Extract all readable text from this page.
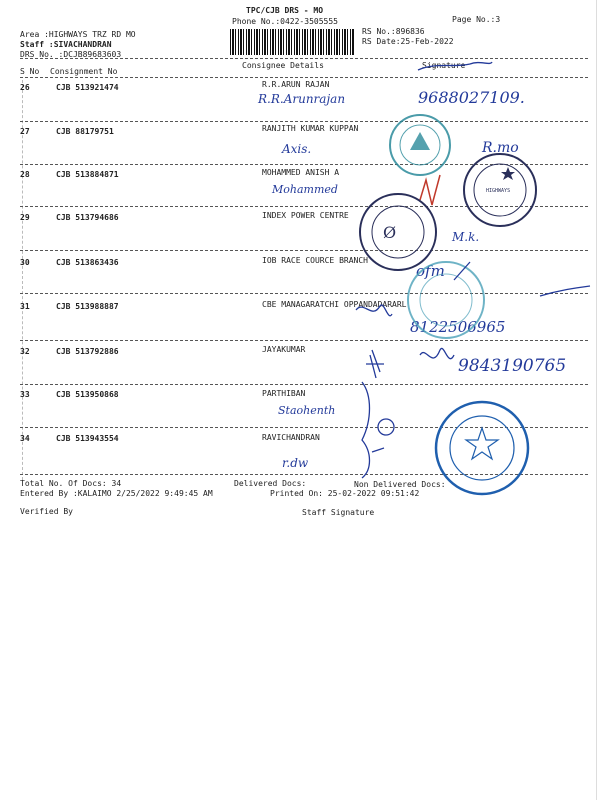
TPC/CJB DRS - MO
Phone No.:0422-3505555	Page No.:3
Area :HIGHWAYS TRZ RD MO
Staff :SIVACHANDRAN
DRS No. :DCJB89683603
RS No.:896836
RS Date:25-Feb-2022
Consignee Details	Signature
S No Consignment No
26	CJB 513921474	R.R.ARUN RAJAN
R.R.Arunrajan	9688027109.
27	CJB 88179751	RANJITH KUMAR KUPPAN
Axis.	R.mo
28	CJB 513884871	MOHAMMED ANISH A
Mohammed
29	CJB 513794686	INDEX POWER CENTRE
M.k.
30	CJB 513863436	IOB RACE COURCE BRANCH
ofm
31	CJB 513988887	CBE MANAGARATCHI OPPANDADARARL
8122506965
32	CJB 513792886	JAYAKUMAR
9843190765
33	CJB 513950868	PARTHIBAN
Staohenth
34	CJB 513943554	RAVICHANDRAN
r.dw
Total No. Of Docs: 34	Delivered Docs:	Non Delivered Docs:
Entered By :KALAIMO 2/25/2022 9:49:45 AM	Printed On: 25-02-2022 09:51:42
Verified By	Staff Signature
HIGHWAYS
Ø
